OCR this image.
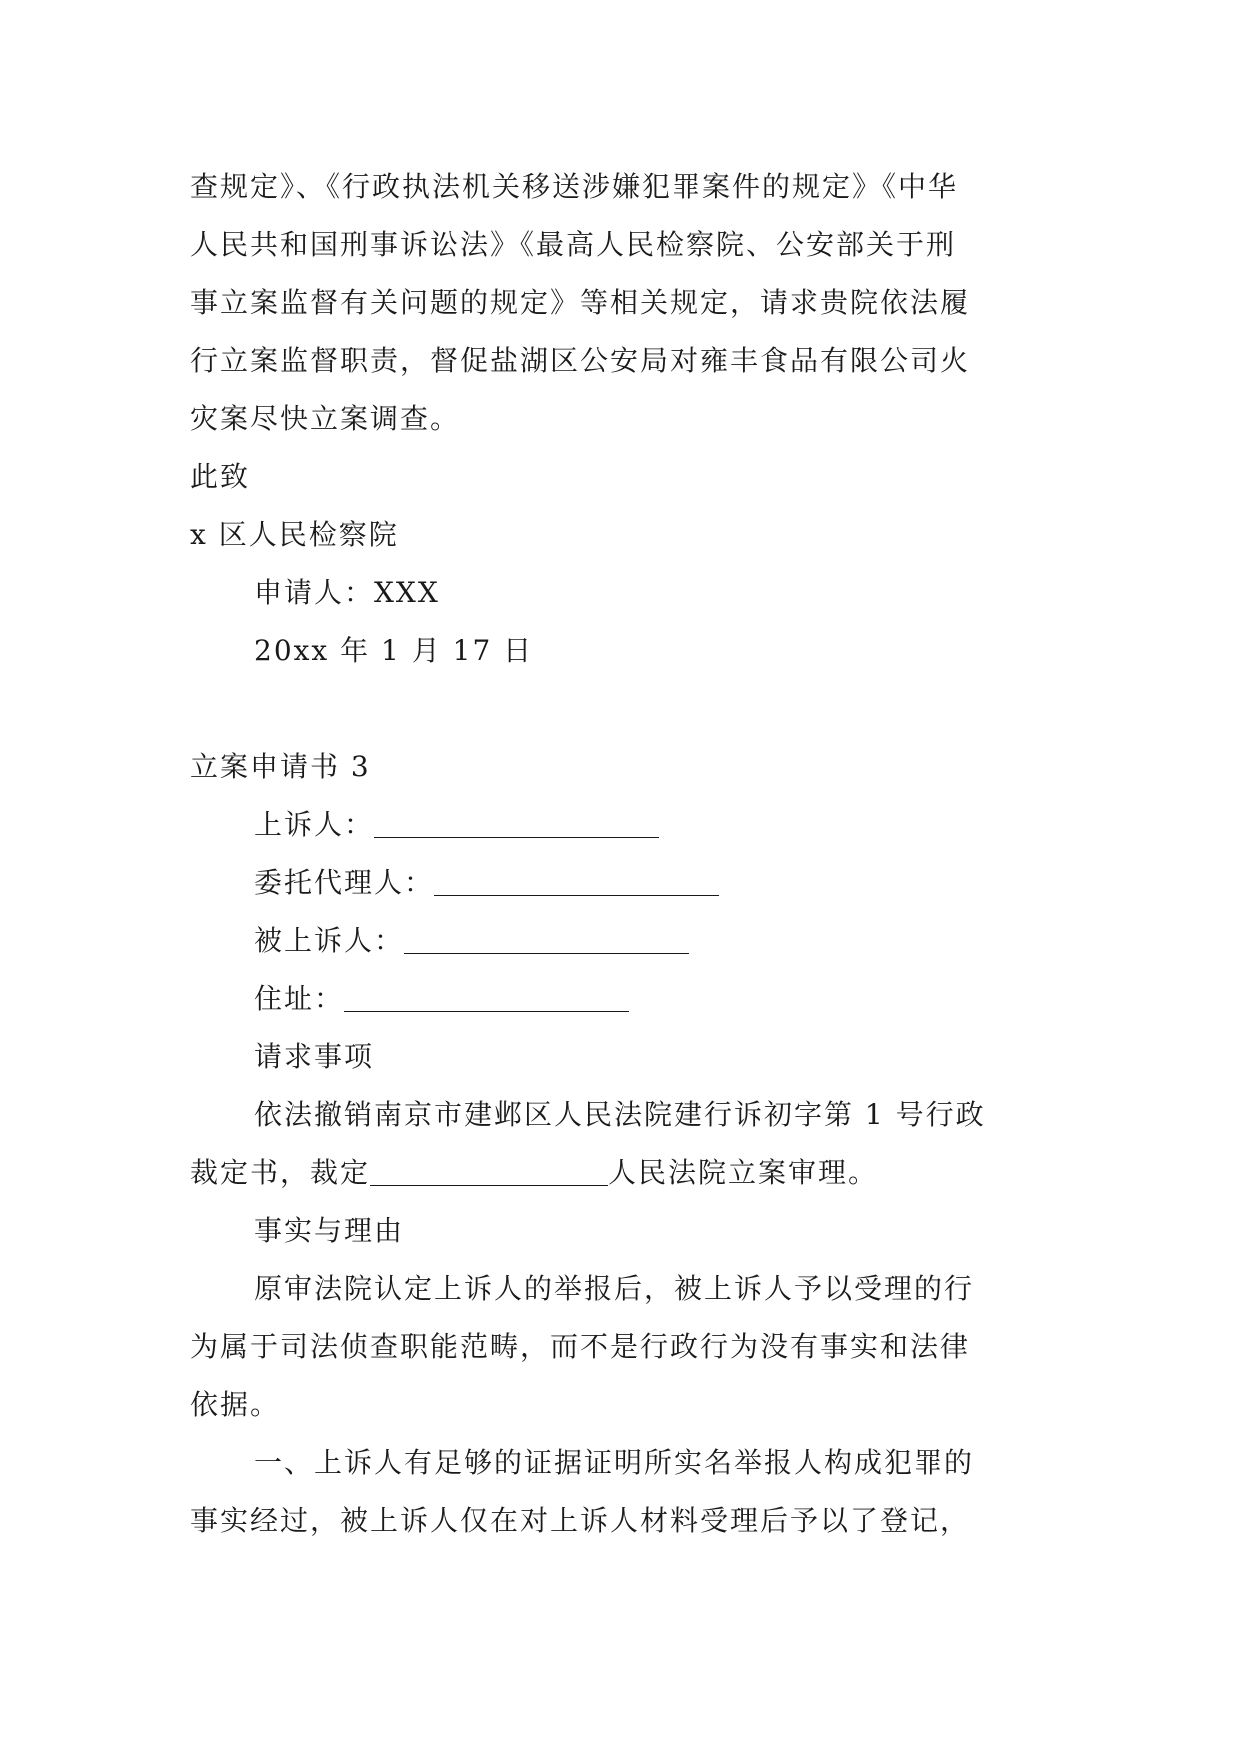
查规定》、《行政执法机关移送涉嫌犯罪案件的规定》《中华
人民共和国刑事诉讼法》《最高人民检察院、公安部关于刑
事立案监督有关问题的规定》等相关规定，请求贵院依法履
行立案监督职责，督促盐湖区公安局对雍丰食品有限公司火
灾案尽快立案调查。
此致
x 区人民检察院
申请人：XXX
20xx 年 1 月 17 日
立案申请书 3
上诉人：
委托代理人：
被上诉人：
住址：
请求事项
依法撤销南京市建邺区人民法院建行诉初字第 1 号行政
裁定书，裁定	人民法院立案审理。
事实与理由
原审法院认定上诉人的举报后，被上诉人予以受理的行
为属于司法侦查职能范畴，而不是行政行为没有事实和法律
依据。
一、上诉人有足够的证据证明所实名举报人构成犯罪的
事实经过，被上诉人仅在对上诉人材料受理后予以了登记，
